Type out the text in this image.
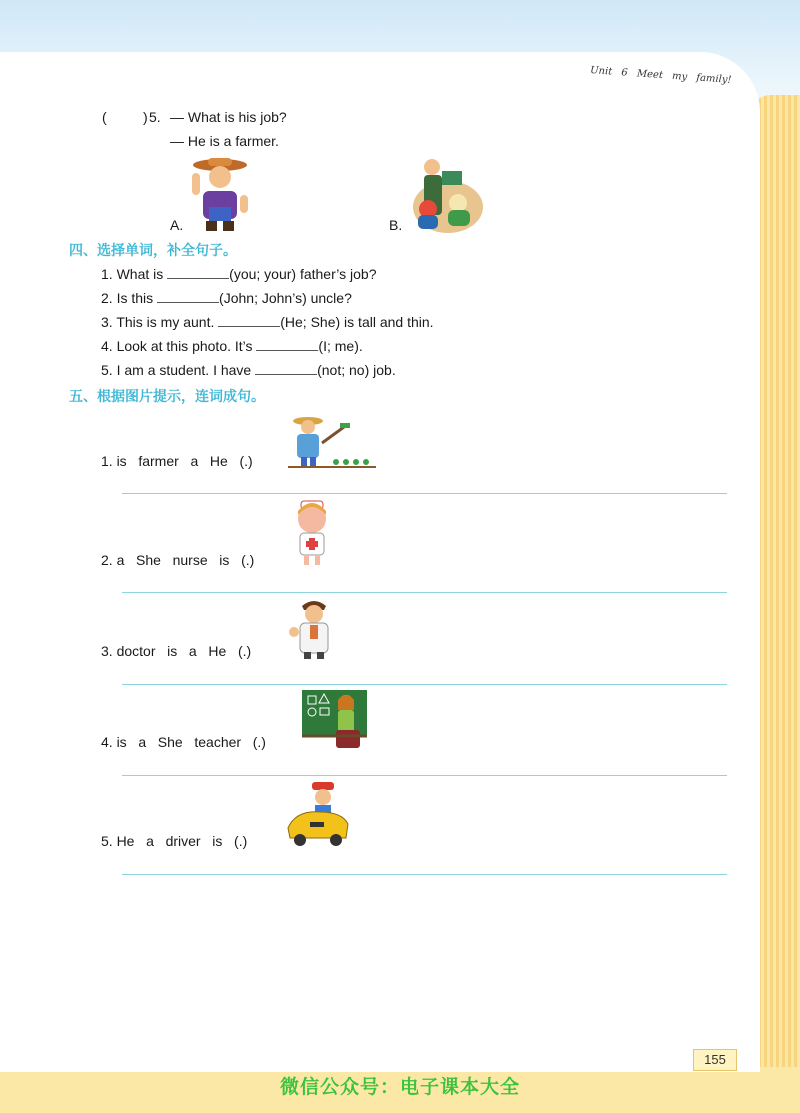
Unit 6 Meet my family!
(	) 5. — What is his job?
— He is a farmer.
A.	B.
四、选择单词，补全句子。
1. What is	(you; your) father’s job?
2. Is this	(John; John’s) uncle?
3. This is my aunt.	(He; She) is tall and thin.
4. Look at this photo. It’s	(I; me).
5. I am a student. I have	(not; no) job.
五、根据图片提示，连词成句。
1. is   farmer   a   He   (.)
2. a   She   nurse   is   (.)
3. doctor   is   a   He   (.)
4. is   a   She   teacher   (.)
5. He   a   driver   is   (.)
155
微信公众号：电子课本大全
